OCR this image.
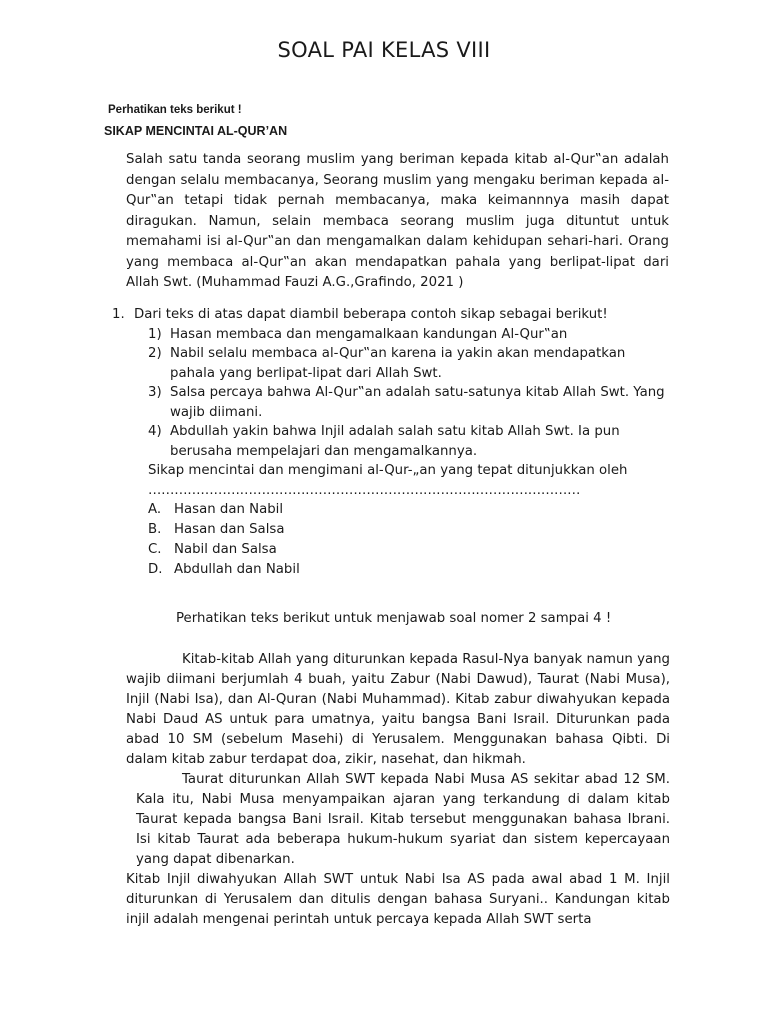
SOAL PAI KELAS VIII
Perhatikan teks berikut !
SIKAP MENCINTAI AL-QUR’AN

Salah satu tanda seorang muslim yang beriman kepada kitab al-Qur‟an adalah dengan selalu membacanya, Seorang muslim yang mengaku beriman kepada al-Qur‟an tetapi tidak pernah membacanya, maka keimannnya masih dapat diragukan. Namun, selain membaca seorang muslim juga dituntut untuk memahami isi al-Qur‟an dan mengamalkan dalam kehidupan sehari-hari. Orang yang membaca al-Qur‟an akan mendapatkan pahala yang berlipat-lipat dari Allah Swt. (Muhammad Fauzi A.G.,Grafindo, 2021 )

1. Dari teks di atas dapat diambil beberapa contoh sikap sebagai berikut!
1) Hasan membaca dan mengamalkaan kandungan Al-Qur‟an
2) Nabil selalu membaca al-Qur‟an karena ia yakin akan mendapatkan pahala yang berlipat-lipat dari Allah Swt.
3) Salsa percaya bahwa Al-Qur‟an adalah satu-satunya kitab Allah Swt. Yang wajib diimani.
4) Abdullah yakin bahwa Injil adalah salah satu kitab Allah Swt. Ia pun berusaha mempelajari dan mengamalkannya.
Sikap mencintai dan mengimani al-Qur-„an yang tepat ditunjukkan oleh
………………………………………………………………………………………
A. Hasan dan Nabil
B. Hasan dan Salsa
C. Nabil dan Salsa
D. Abdullah dan Nabil
Perhatikan teks berikut untuk menjawab soal nomer 2 sampai 4 !

Kitab-kitab Allah yang diturunkan kepada Rasul-Nya banyak namun yang wajib diimani berjumlah 4 buah, yaitu Zabur (Nabi Dawud), Taurat (Nabi Musa), Injil (Nabi Isa), dan Al-Quran (Nabi Muhammad). Kitab zabur diwahyukan kepada Nabi Daud AS untuk para umatnya, yaitu bangsa Bani Israil. Diturunkan pada abad 10 SM (sebelum Masehi) di Yerusalem. Menggunakan bahasa Qibti. Di dalam kitab zabur terdapat doa, zikir, nasehat, dan hikmah.

Taurat diturunkan Allah SWT kepada Nabi Musa AS sekitar abad 12 SM. Kala itu, Nabi Musa menyampaikan ajaran yang terkandung di dalam kitab Taurat kepada bangsa Bani Israil. Kitab tersebut menggunakan bahasa Ibrani. Isi kitab Taurat ada beberapa hukum-hukum syariat dan sistem kepercayaan yang dapat dibenarkan.

Kitab Injil diwahyukan Allah SWT untuk Nabi Isa AS pada awal abad 1 M. Injil diturunkan di Yerusalem dan ditulis dengan bahasa Suryani.. Kandungan kitab injil adalah mengenai perintah untuk percaya kepada Allah SWT serta
